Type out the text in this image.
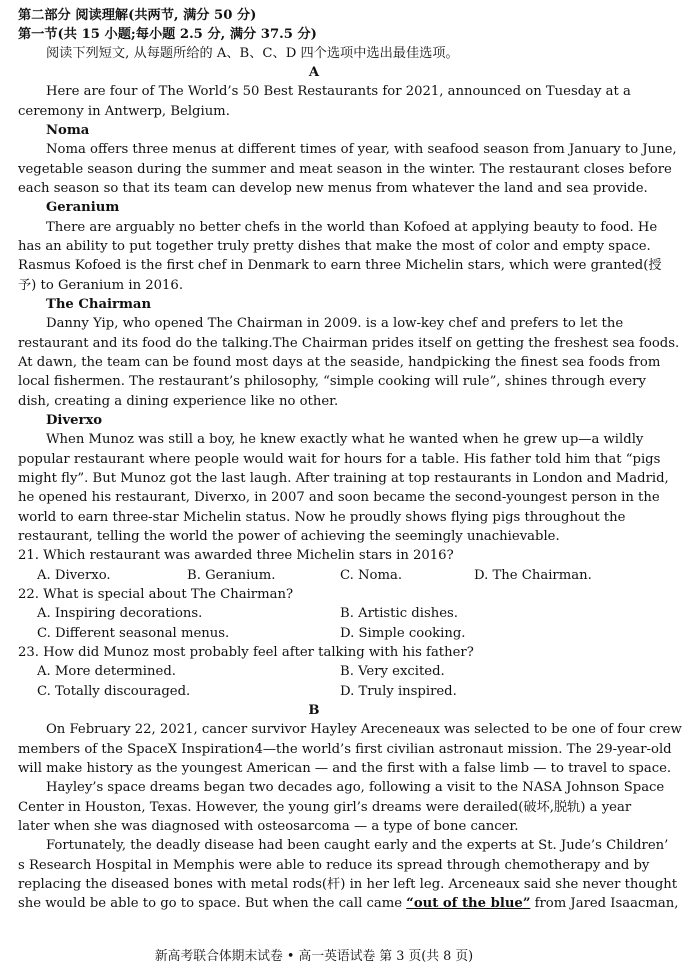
第二部分 阅读理解(共两节, 满分 50 分)
第一节(共 15 小题;每小题 2.5 分, 满分 37.5 分)
阅读下列短文, 从每题所给的 A、B、C、D 四个选项中选出最佳选项。
A
Here are four of The World’s 50 Best Restaurants for 2021, announced on Tuesday at a
ceremony in Antwerp, Belgium.
Noma
Noma offers three menus at different times of year, with seafood season from January to June,
vegetable season during the summer and meat season in the winter. The restaurant closes before
each season so that its team can develop new menus from whatever the land and sea provide.
Geranium
There are arguably no better chefs in the world than Kofoed at applying beauty to food. He
has an ability to put together truly pretty dishes that make the most of color and empty space.
Rasmus Kofoed is the first chef in Denmark to earn three Michelin stars, which were granted(授
予) to Geranium in 2016.
The Chairman
Danny Yip, who opened The Chairman in 2009. is a low-key chef and prefers to let the
restaurant and its food do the talking.The Chairman prides itself on getting the freshest sea foods.
At dawn, the team can be found most days at the seaside, handpicking the finest sea foods from
local fishermen. The restaurant’s philosophy, “simple cooking will rule”, shines through every
dish, creating a dining experience like no other.
Diverxo
When Munoz was still a boy, he knew exactly what he wanted when he grew up—a wildly
popular restaurant where people would wait for hours for a table. His father told him that “pigs
might fly”. But Munoz got the last laugh. After training at top restaurants in London and Madrid,
he opened his restaurant, Diverxo, in 2007 and soon became the second-youngest person in the
world to earn three-star Michelin status. Now he proudly shows flying pigs throughout the
restaurant, telling the world the power of achieving the seemingly unachievable.
21. Which restaurant was awarded three Michelin stars in 2016?
A. Diverxo.	B. Geranium.	C. Noma.	D. The Chairman.
22. What is special about The Chairman?
A. Inspiring decorations.	B. Artistic dishes.
C. Different seasonal menus.	D. Simple cooking.
23. How did Munoz most probably feel after talking with his father?
A. More determined.	B. Very excited.
C. Totally discouraged.	D. Truly inspired.
B
On February 22, 2021, cancer survivor Hayley Areceneaux was selected to be one of four crew
members of the SpaceX Inspiration4—the world’s first civilian astronaut mission. The 29-year-old
will make history as the youngest American — and the first with a false limb — to travel to space.
Hayley’s space dreams began two decades ago, following a visit to the NASA Johnson Space
Center in Houston, Texas. However, the young girl’s dreams were derailed(破坏,脱轨) a year
later when she was diagnosed with osteosarcoma — a type of bone cancer.
Fortunately, the deadly disease had been caught early and the experts at St. Jude’s Children’
s Research Hospital in Memphis were able to reduce its spread through chemotherapy and by
replacing the diseased bones with metal rods(杆) in her left leg. Arceneaux said she never thought
she would be able to go to space. But when the call came “out of the blue” from Jared Isaacman,
新高考联合体期末试卷 • 高一英语试卷 第 3 页(共 8 页)
